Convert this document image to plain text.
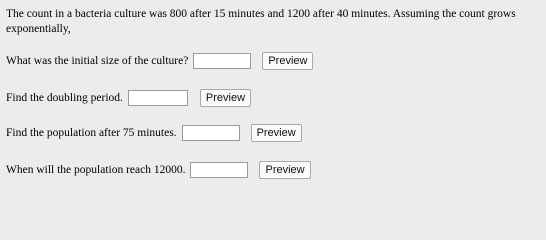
The count in a bacteria culture was 800 after 15 minutes and 1200 after 40 minutes. Assuming the count grows exponentially,
What was the initial size of the culture?	Preview
Find the doubling period.	Preview
Find the population after 75 minutes.	Preview
When will the population reach 12000.	Preview
